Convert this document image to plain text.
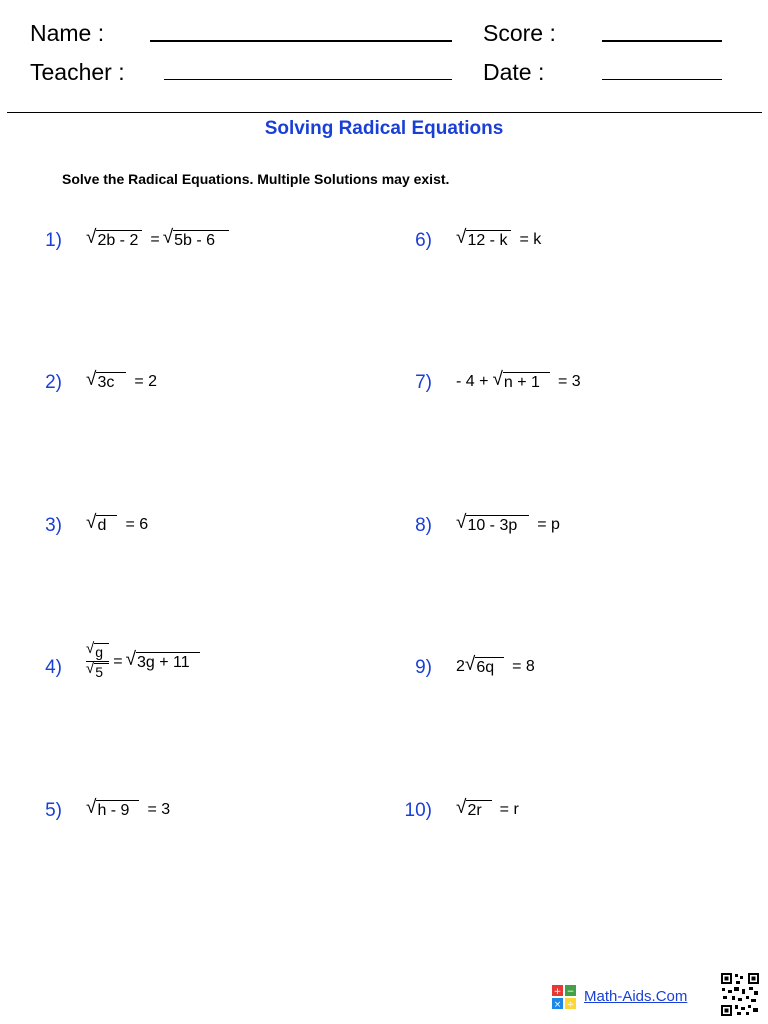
Name :
Teacher :
Score :
Date :
Solving Radical Equations
Solve the Radical Equations. Multiple Solutions may exist.
1) √ 2b - 2 = √ 5b - 6
2) √ 3c	= 2
3) √ d	= 6
$4) \frac{√ g}{√ 5}$ = √ 3g + 11
5) √ h - 9	= 3
6) √ 12 - k = k
7) - 4 + √ n + 1	= 3
8) √ 10 - 3p	= p
9) 2 √ 6q	= 8
10) √ 2r	= r
+ −
× ÷ Math-Aids.Com
